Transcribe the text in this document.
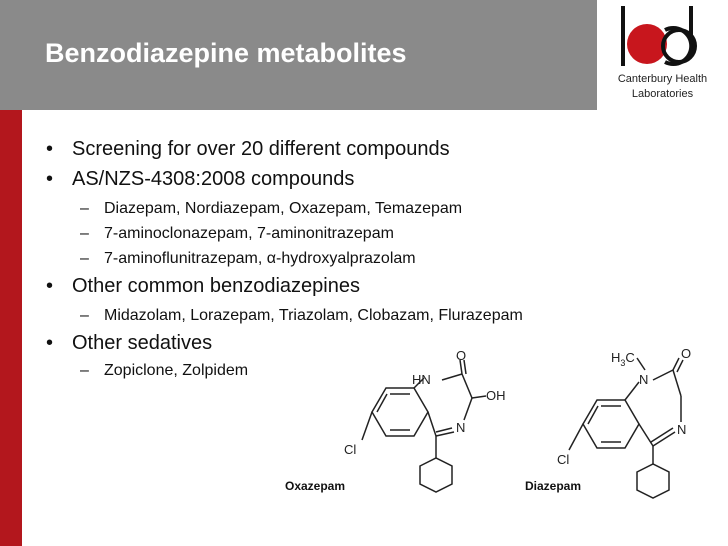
Benzodiazepine metabolites
Canterbury Health
Laboratories
• Screening for over 20 different compounds
• AS/NZS-4308:2008 compounds
– Diazepam, Nordiazepam, Oxazepam, Temazepam
– 7-aminoclonazepam, 7-aminonitrazepam
– 7-aminoflunitrazepam, α-hydroxyalprazolam
• Other common benzodiazepines
– Midazolam, Lorazepam, Triazolam, Clobazam, Flurazepam
• Other sedatives
– Zopiclone, Zolpidem
HN
O
OH
N
Cl
Oxazepam
$H_3C$
N
O
N
Cl
Diazepam
